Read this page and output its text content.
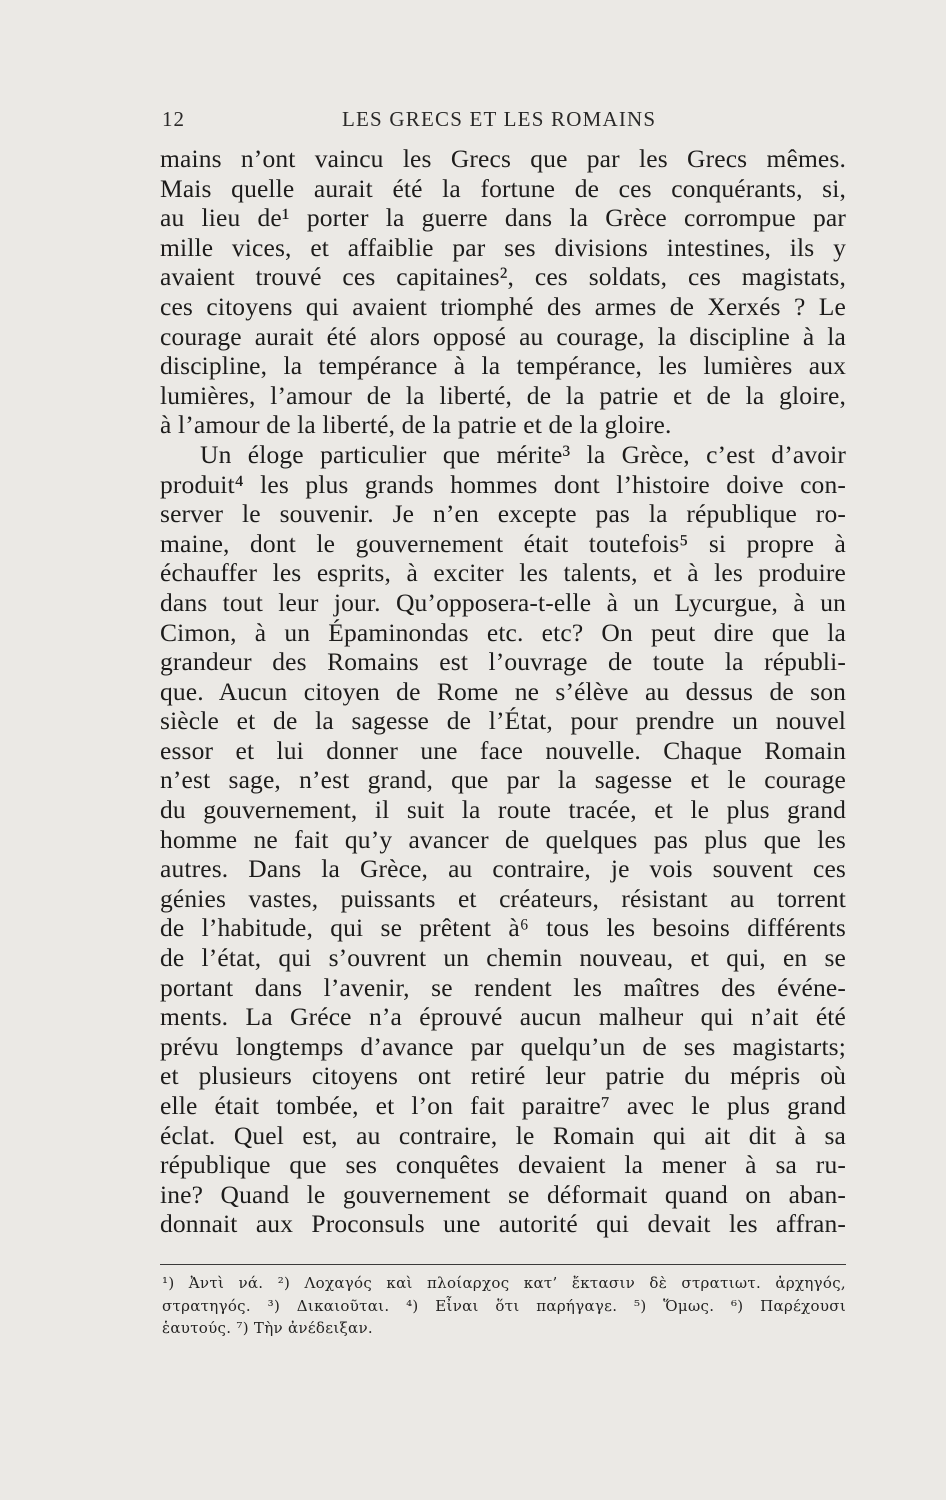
12	LES GRECS ET LES ROMAINS
mains n’ont vaincu les Grecs que par les Grecs mêmes.
Mais quelle aurait été la fortune de ces conquérants, si,
au lieu de¹ porter la guerre dans la Grèce corrompue par
mille vices, et affaiblie par ses divisions intestines, ils y
avaient trouvé ces capitaines², ces soldats, ces magistats,
ces citoyens qui avaient triomphé des armes de Xerxés ? Le
courage aurait été alors opposé au courage, la discipline à la
discipline, la tempérance à la tempérance, les lumières aux
lumières, l’amour de la liberté, de la patrie et de la gloire,
à l’amour de la liberté, de la patrie et de la gloire.
Un éloge particulier que mérite³ la Grèce, c’est d’avoir
produit⁴ les plus grands hommes dont l’histoire doive con-
server le souvenir. Je n’en excepte pas la république ro-
maine, dont le gouvernement était toutefois⁵ si propre à
échauffer les esprits, à exciter les talents, et à les produire
dans tout leur jour. Qu’opposera-t-elle à un Lycurgue, à un
Cimon, à un Épaminondas etc. etc? On peut dire que la
grandeur des Romains est l’ouvrage de toute la républi-
que. Aucun citoyen de Rome ne s’élève au dessus de son
siècle et de la sagesse de l’État, pour prendre un nouvel
essor et lui donner une face nouvelle. Chaque Romain
n’est sage, n’est grand, que par la sagesse et le courage
du gouvernement, il suit la route tracée, et le plus grand
homme ne fait qu’y avancer de quelques pas plus que les
autres. Dans la Grèce, au contraire, je vois souvent ces
génies vastes, puissants et créateurs, résistant au torrent
de l’habitude, qui se prêtent à⁶ tous les besoins différents
de l’état, qui s’ouvrent un chemin nouveau, et qui, en se
portant dans l’avenir, se rendent les maîtres des événe-
ments. La Gréce n’a éprouvé aucun malheur qui n’ait été
prévu longtemps d’avance par quelqu’un de ses magistarts;
et plusieurs citoyens ont retiré leur patrie du mépris où
elle était tombée, et l’on fait paraitre⁷ avec le plus grand
éclat. Quel est, au contraire, le Romain qui ait dit à sa
république que ses conquêtes devaient la mener à sa ru-
ine? Quand le gouvernement se déformait quand on aban-
donnait aux Proconsuls une autorité qui devait les affran-
¹) Ἀντὶ νά. ²) Λοχαγός καὶ πλοίαρχος κατ’ ἔκτασιν δὲ στρατιωτ. ἀρχηγός,
στρατηγός. ³) Δικαιοῦται. ⁴) Εἶναι ὅτι παρήγαγε. ⁵) Ὅμως. ⁶) Παρέχουσι
ἑαυτούς. ⁷) Τὴν ἀνέδειξαν.
